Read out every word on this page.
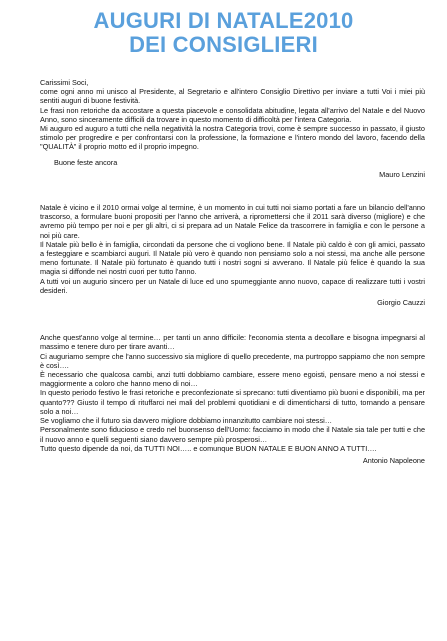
AUGURI DI NATALE2010
DEI CONSIGLIERI

Carissimi Soci,

come ogni anno mi unisco al Presidente, al Segretario e all'intero Consiglio Direttivo per inviare a tutti Voi i miei più sentiti auguri di buone festività.

Le frasi non retoriche da accostare a questa piacevole e consolidata abitudine, legata all'arrivo del Natale e del Nuovo Anno, sono sinceramente difficili da trovare in questo momento di difficoltà per l'intera Categoria.

Mi auguro ed auguro a tutti che nella negatività la nostra Categoria trovi, come è sempre successo in passato, il giusto stimolo per progredire e per confrontarsi con la professione, la formazione e l'intero mondo del lavoro, facendo della "QUALITÀ" il proprio motto ed il proprio impegno.

Buone feste ancora

Mauro Lenzini

Natale è vicino e il 2010 ormai volge al termine, è un momento in cui tutti noi siamo portati a fare un bilancio dell'anno trascorso, a formulare buoni propositi per l'anno che arriverà, a ripromettersi che il 2011 sarà diverso (migliore) e che avremo più tempo per noi e per gli altri, ci si prepara ad un Natale Felice da trascorrere in famiglia e con le persone a noi più care.

Il Natale più bello è in famiglia, circondati da persone che ci vogliono bene. Il Natale più caldo è con gli amici, passato a festeggiare e scambiarci auguri. Il Natale più vero è quando non pensiamo solo a noi stessi, ma anche alle persone meno fortunate. Il Natale più fortunato è quando tutti i nostri sogni si avverano. Il Natale più felice è quando la sua magia si diffonde nei nostri cuori per tutto l'anno.

A tutti voi un augurio sincero per un Natale di luce ed uno spumeggiante anno nuovo, capace di realizzare tutti i vostri desideri.

Giorgio Cauzzi

Anche quest'anno volge al termine… per tanti un anno difficile: l'economia stenta a decollare e bisogna impegnarsi al massimo e tenere duro per tirare avanti…

Ci auguriamo sempre che l'anno successivo sia migliore di quello precedente, ma purtroppo sappiamo che non sempre è così….

È necessario che qualcosa cambi, anzi tutti dobbiamo cambiare, essere meno egoisti, pensare meno a noi stessi e maggiormente a coloro che hanno meno di noi…

In questo periodo festivo le frasi retoriche e preconfezionate si sprecano: tutti diventiamo più buoni e disponibili, ma per quanto??? Giusto il tempo di rituffarci nei mali del problemi quotidiani e di dimenticharsi di tutto, tornando a pensare solo a noi…

Se vogliamo che il futuro sia davvero migliore dobbiamo innanzitutto cambiare noi stessi…

Personalmente sono fiducioso e credo nel buonsenso dell'Uomo: facciamo in modo che il Natale sia tale per tutti e che il nuovo anno e quelli seguenti siano davvero sempre più prosperosi…

Tutto questo dipende da noi, da TUTTI NOI….. e comunque BUON NATALE E BUON ANNO A TUTTI….

Antonio Napoleone
